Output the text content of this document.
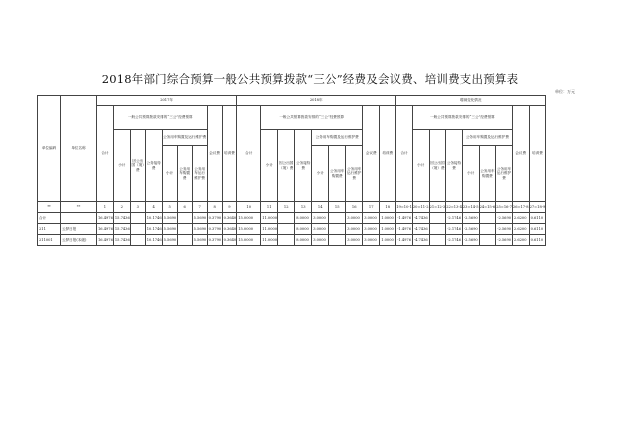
2018年部门综合预算一般公共预算拨款“三公”经费及会议费、培训费支出预算表
单位：万元
单位编码	单位名称	2017年									2018年									增减变化情况								
		合计	一般公共预算拨款安排的“三公”经费预算						会议费	培训费	合计	一般公共预算拨款安排的“三公”经费预算						会议费	培训费	合计	一般公共预算拨款安排的“三公”经费预算						会议费	培训费
			小计	因公出国（境）费	公务接待费	公务用车购置及运行维护费						小计	因公出国（境）费	公务接待费	公务用车购置及运行维护费						小计	因公出国（境）费	公务接待费	公务用车购置及运行维护费				
						小计	公务用车购置费	公务用车运行维护费							小计	公务用车购置费	公务用车运行维护费							小计	公务用车购置费	公务用车运行维护费		

**	**	1	2	3	4	5	6	7	8	9	10	11	12	13	14	15	16	17	18	19=10-1	20=11-2	21=12-3	22=13-4	23=14-5	24=15-6	25=16-7	26=17-8	27=18-9
合计		16.4976	15.7436		10.1746	5.5690		5.5690	0.3790	0.3640	15.0000	11.0000		8.0000	3.0000		3.0000	3.0000	1.0000	-1.4976	-4.7436		-2.1746	-2.5690		-2.5690	2.6200	0.6110
211	云梦日报	16.4976	15.7436		10.1746	5.5690		5.5690	0.3790	0.3640	15.0000	11.0000		8.0000	3.0000		3.0000	3.0000	1.0000	-1.4976	-4.7436		-2.1746	-2.5690		-2.5690	2.6200	0.6110
211001	云梦日报(本级)	16.4976	15.7436		10.1746	5.5690		5.5690	0.3790	0.3640	15.0000	11.0000		8.0000	3.0000		3.0000	3.0000	1.0000	-1.4976	-4.7436		-2.1746	-2.5690		-2.5690	2.6200	0.6110
